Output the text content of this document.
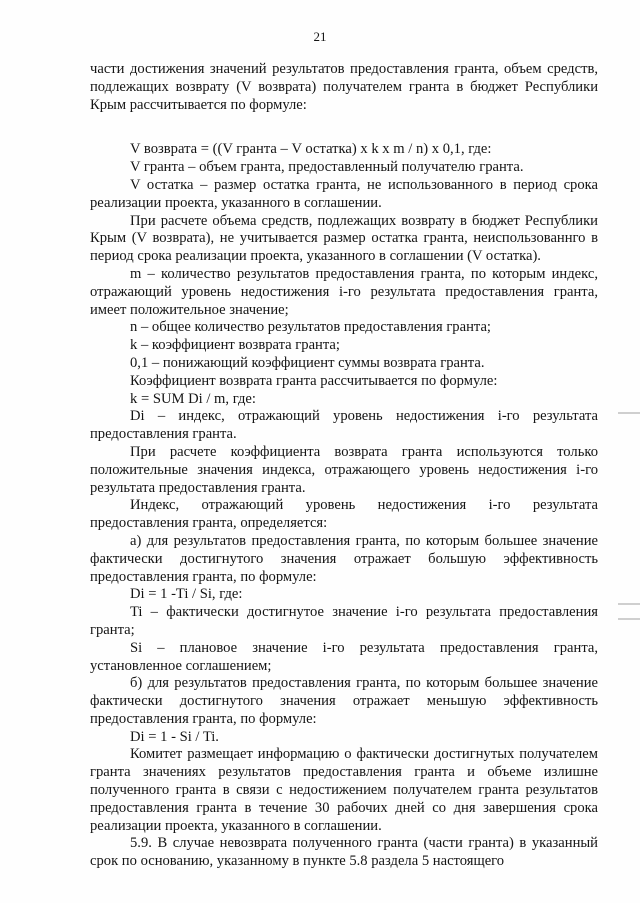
21

части достижения значений результатов предоставления гранта, объем средств, подлежащих возврату (V возврата) получателем гранта в бюджет Республики Крым рассчитывается по формуле:

V возврата = ((V гранта – V остатка) x k x m / n) x 0,1, где:

V гранта – объем гранта, предоставленный получателю гранта.

V остатка – размер остатка гранта, не использованного в период срока реализации проекта, указанного в соглашении.

При расчете объема средств, подлежащих возврату в бюджет Республики Крым (V возврата), не учитывается размер остатка гранта, неиспользованнго в период срока реализации проекта, указанного в соглашении (V остатка).

m – количество результатов предоставления гранта, по которым индекс, отражающий уровень недостижения i-го результата предоставления гранта, имеет положительное значение;

n – общее количество результатов предоставления гранта;

k – коэффициент возврата гранта;

0,1 – понижающий коэффициент суммы возврата гранта.

Коэффициент возврата гранта рассчитывается по формуле:

k = SUM Di / m, где:

Di – индекс, отражающий уровень недостижения i-го результата предоставления гранта.

При расчете коэффициента возврата гранта используются только положительные значения индекса, отражающего уровень недостижения i-го результата предоставления гранта.

Индекс, отражающий уровень недостижения i-го результата предоставления гранта, определяется:

а) для результатов предоставления гранта, по которым большее значение фактически достигнутого значения отражает большую эффективность предоставления гранта, по формуле:

Di = 1 -Ti / Si, где:

Ti – фактически достигнутое значение i-го результата предоставления гранта;

Si – плановое значение i-го результата предоставления гранта, установленное соглашением;

б) для результатов предоставления гранта, по которым большее значение фактически достигнутого значения отражает меньшую эффективность предоставления гранта, по формуле:

Di = 1 - Si / Ti.

Комитет размещает информацию о фактически достигнутых получателем гранта значениях результатов предоставления гранта и объеме излишне полученного гранта в связи с недостижением получателем гранта результатов предоставления гранта в течение 30 рабочих дней со дня завершения срока реализации проекта, указанного в соглашении.

5.9. В случае невозврата полученного гранта (части гранта) в указанный срок по основанию, указанному в пункте 5.8 раздела 5 настоящего
